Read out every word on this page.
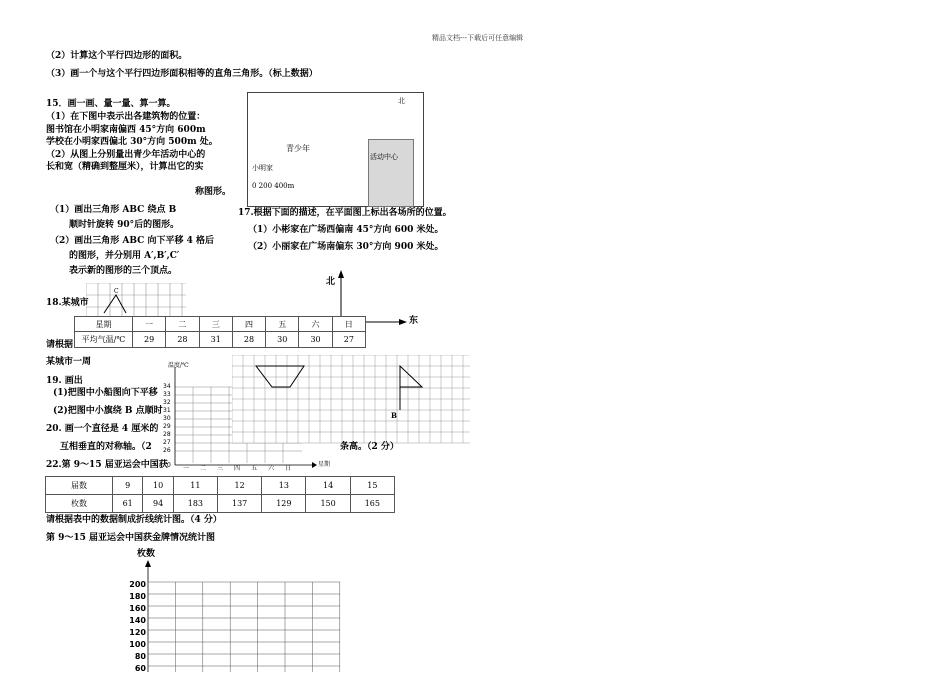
精品文档---下载后可任意编辑
（2）计算这个平行四边形的面积。
（3）画一个与这个平行四边形面积相等的直角三角形。（标上数据）
15．画一画、量一量、算一算。
（1）在下图中表示出各建筑物的位置：
图书馆在小明家南偏西 45°方向 600m
学校在小明家西偏北 30°方向 500m 处。
（2）从图上分别量出青少年活动中心的
长和宽（精确到整厘米），计算出它的实
称图形。
（1）画出三角形 ABC 绕点 B
顺时针旋转 90°后的图形。
（2）画出三角形 ABC 向下平移 4 格后
的图形，并分别用 A′,B′,C′
表示新的图形的三个顶点。
北
青少年
小明家
0 200 400m
活动中心
17.根据下面的描述，在平面图上标出各场所的位置。
（1）小彬家在广场西偏南 45°方向 600 米处。
（2）小丽家在广场南偏东 30°方向 900 米处。
北
东
C
18.某城市
请根据
某城市一周
星期	一	二	三	四	五	六	日
平均气温/℃	29	28	31	28	30	30	27
温度/℃
34
33
32
31
30
29
28
27
26
0 一 二 三 四 五 六 日
星期
B
19. 画出
(1)把图中小船图向下平移
(2)把图中小旗绕 B 点顺时
20. 画一个直径是 4 厘米的
互相垂直的对称轴。（2	条高。（2 分）
22.第 9～15 届亚运会中国获
届数	9	10	11	12	13	14	15
枚数	61	94	183	137	129	150	165
请根据表中的数据制成折线统计图。（4 分）
第 9～15 届亚运会中国获金牌情况统计图
枚数
200
180
160
140
120
100
80
60
